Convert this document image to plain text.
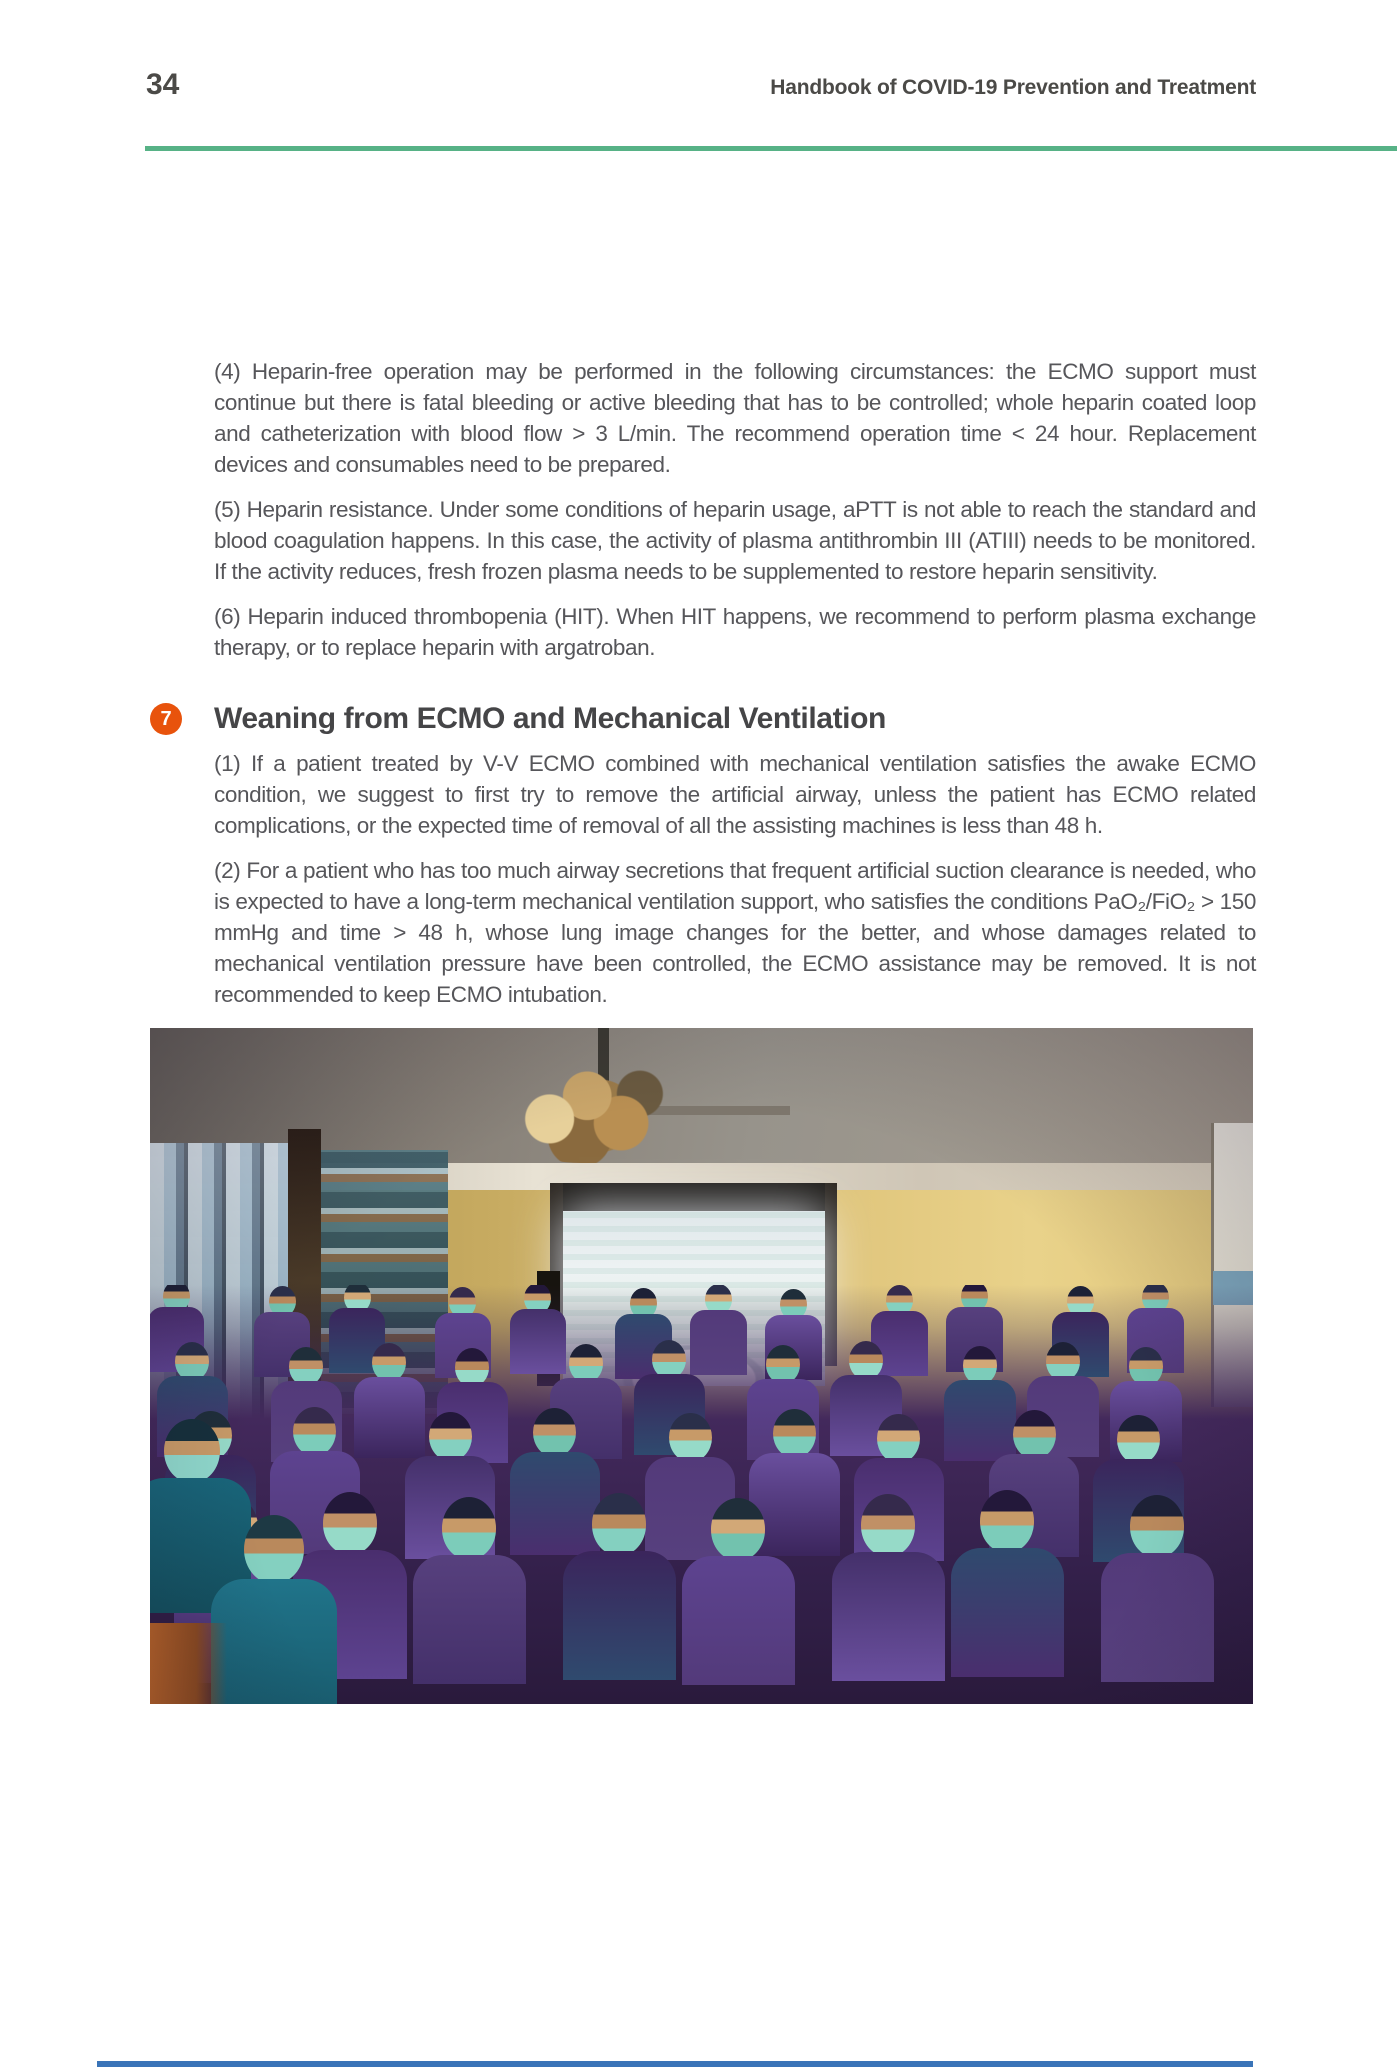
34	Handbook of COVID-19 Prevention and Treatment

(4) Heparin-free operation may be performed in the following circumstances: the ECMO support must continue but there is fatal bleeding or active bleeding that has to be controlled; whole heparin coated loop and catheterization with blood flow > 3 L/min. The recommend operation time < 24 hour. Replacement devices and consumables need to be prepared.

(5) Heparin resistance. Under some conditions of heparin usage, aPTT is not able to reach the standard and blood coagulation happens. In this case, the activity of plasma antithrombin III (ATIII) needs to be monitored. If the activity reduces, fresh frozen plasma needs to be supplemented to restore heparin sensitivity.

(6) Heparin induced thrombopenia (HIT). When HIT happens, we recommend to perform plasma exchange therapy, or to replace heparin with argatroban.

7	Weaning from ECMO and Mechanical Ventilation

(1) If a patient treated by V-V ECMO combined with mechanical ventilation satisfies the awake ECMO condition, we suggest to first try to remove the artificial airway, unless the patient has ECMO related complications, or the expected time of removal of all the assisting machines is less than 48 h.

(2) For a patient who has too much airway secretions that frequent artificial suction clearance is needed, who is expected to have a long-term mechanical ventilation support, who satisfies the conditions PaO₂/FiO₂ > 150 mmHg and time > 48 h, whose lung image changes for the better, and whose damages related to mechanical ventilation pressure have been controlled, the ECMO assistance may be removed. It is not recommended to keep ECMO intubation.
